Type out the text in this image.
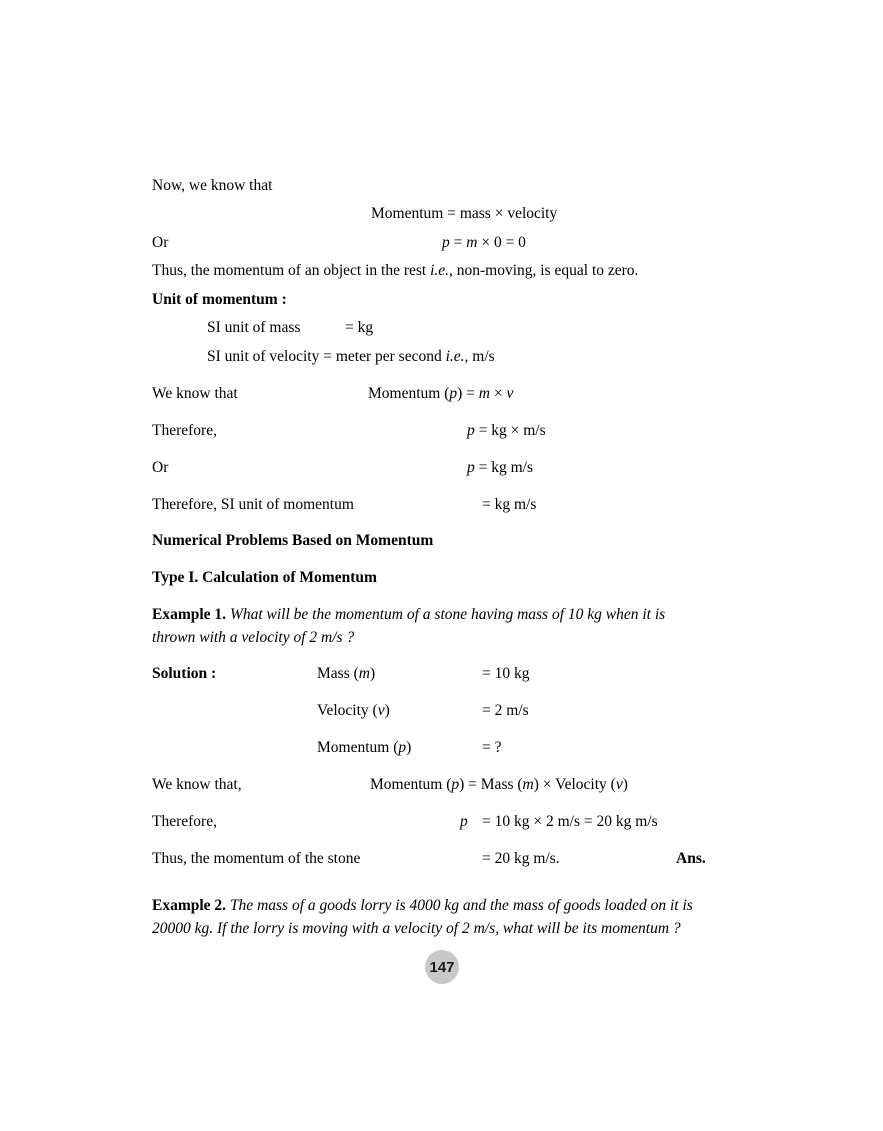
Now, we know that
Momentum = mass × velocity
Or	p = m × 0 = 0
Thus, the momentum of an object in the rest i.e., non-moving, is equal to zero.
Unit of momentum :
SI unit of mass	= kg
SI unit of velocity = meter per second i.e., m/s
We know that	Momentum (p) = m × v
Therefore,	p = kg × m/s
Or	p = kg m/s
Therefore, SI unit of momentum	= kg m/s
Numerical Problems Based on Momentum
Type I. Calculation of Momentum
Example 1. What will be the momentum of a stone having mass of 10 kg when it is thrown with a velocity of 2 m/s ?
Solution :	Mass (m)	= 10 kg
Velocity (v)	= 2 m/s
Momentum (p)	= ?
We know that,	Momentum (p) = Mass (m) × Velocity (v)
Therefore,	p = 10 kg × 2 m/s = 20 kg m/s
Thus, the momentum of the stone	= 20 kg m/s.	Ans.
Example 2. The mass of a goods lorry is 4000 kg and the mass of goods loaded on it is 20000 kg. If the lorry is moving with a velocity of 2 m/s, what will be its momentum ?
147
